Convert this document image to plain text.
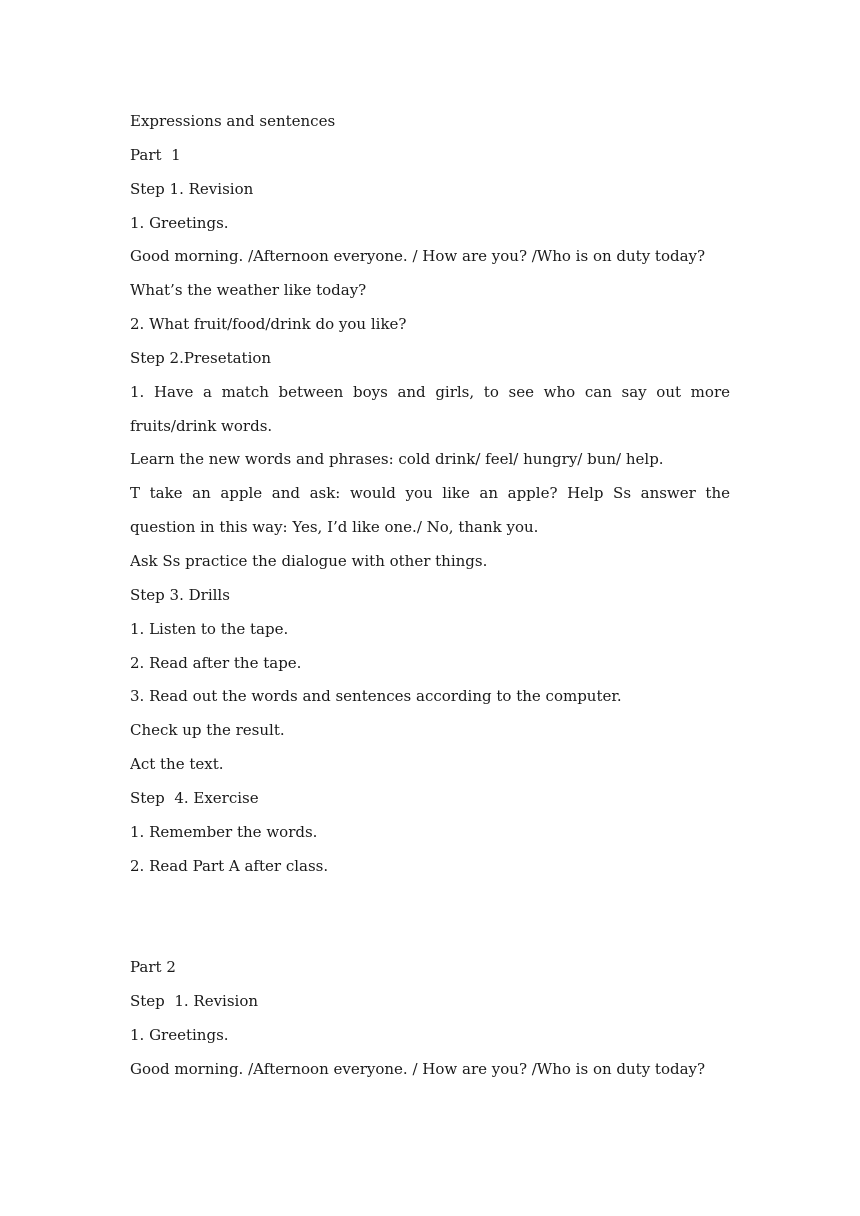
Expressions and sentences
Part  1
Step 1. Revision
1. Greetings.
Good morning. /Afternoon everyone. / How are you? /Who is on duty today?
What’s the weather like today?
2. What fruit/food/drink do you like?
Step 2.Presetation
1. Have a match between boys and girls, to see who can say out more
fruits/drink words.
Learn the new words and phrases: cold drink/ feel/ hungry/ bun/ help.
T take an apple and ask: would you like an apple? Help Ss answer the
question in this way: Yes, I’d like one./ No, thank you.
Ask Ss practice the dialogue with other things.
Step 3. Drills
1. Listen to the tape.
2. Read after the tape.
3. Read out the words and sentences according to the computer.
Check up the result.
Act the text.
Step  4. Exercise
1. Remember the words.
2. Read Part A after class.
Part 2
Step  1. Revision
1. Greetings.
Good morning. /Afternoon everyone. / How are you? /Who is on duty today?
